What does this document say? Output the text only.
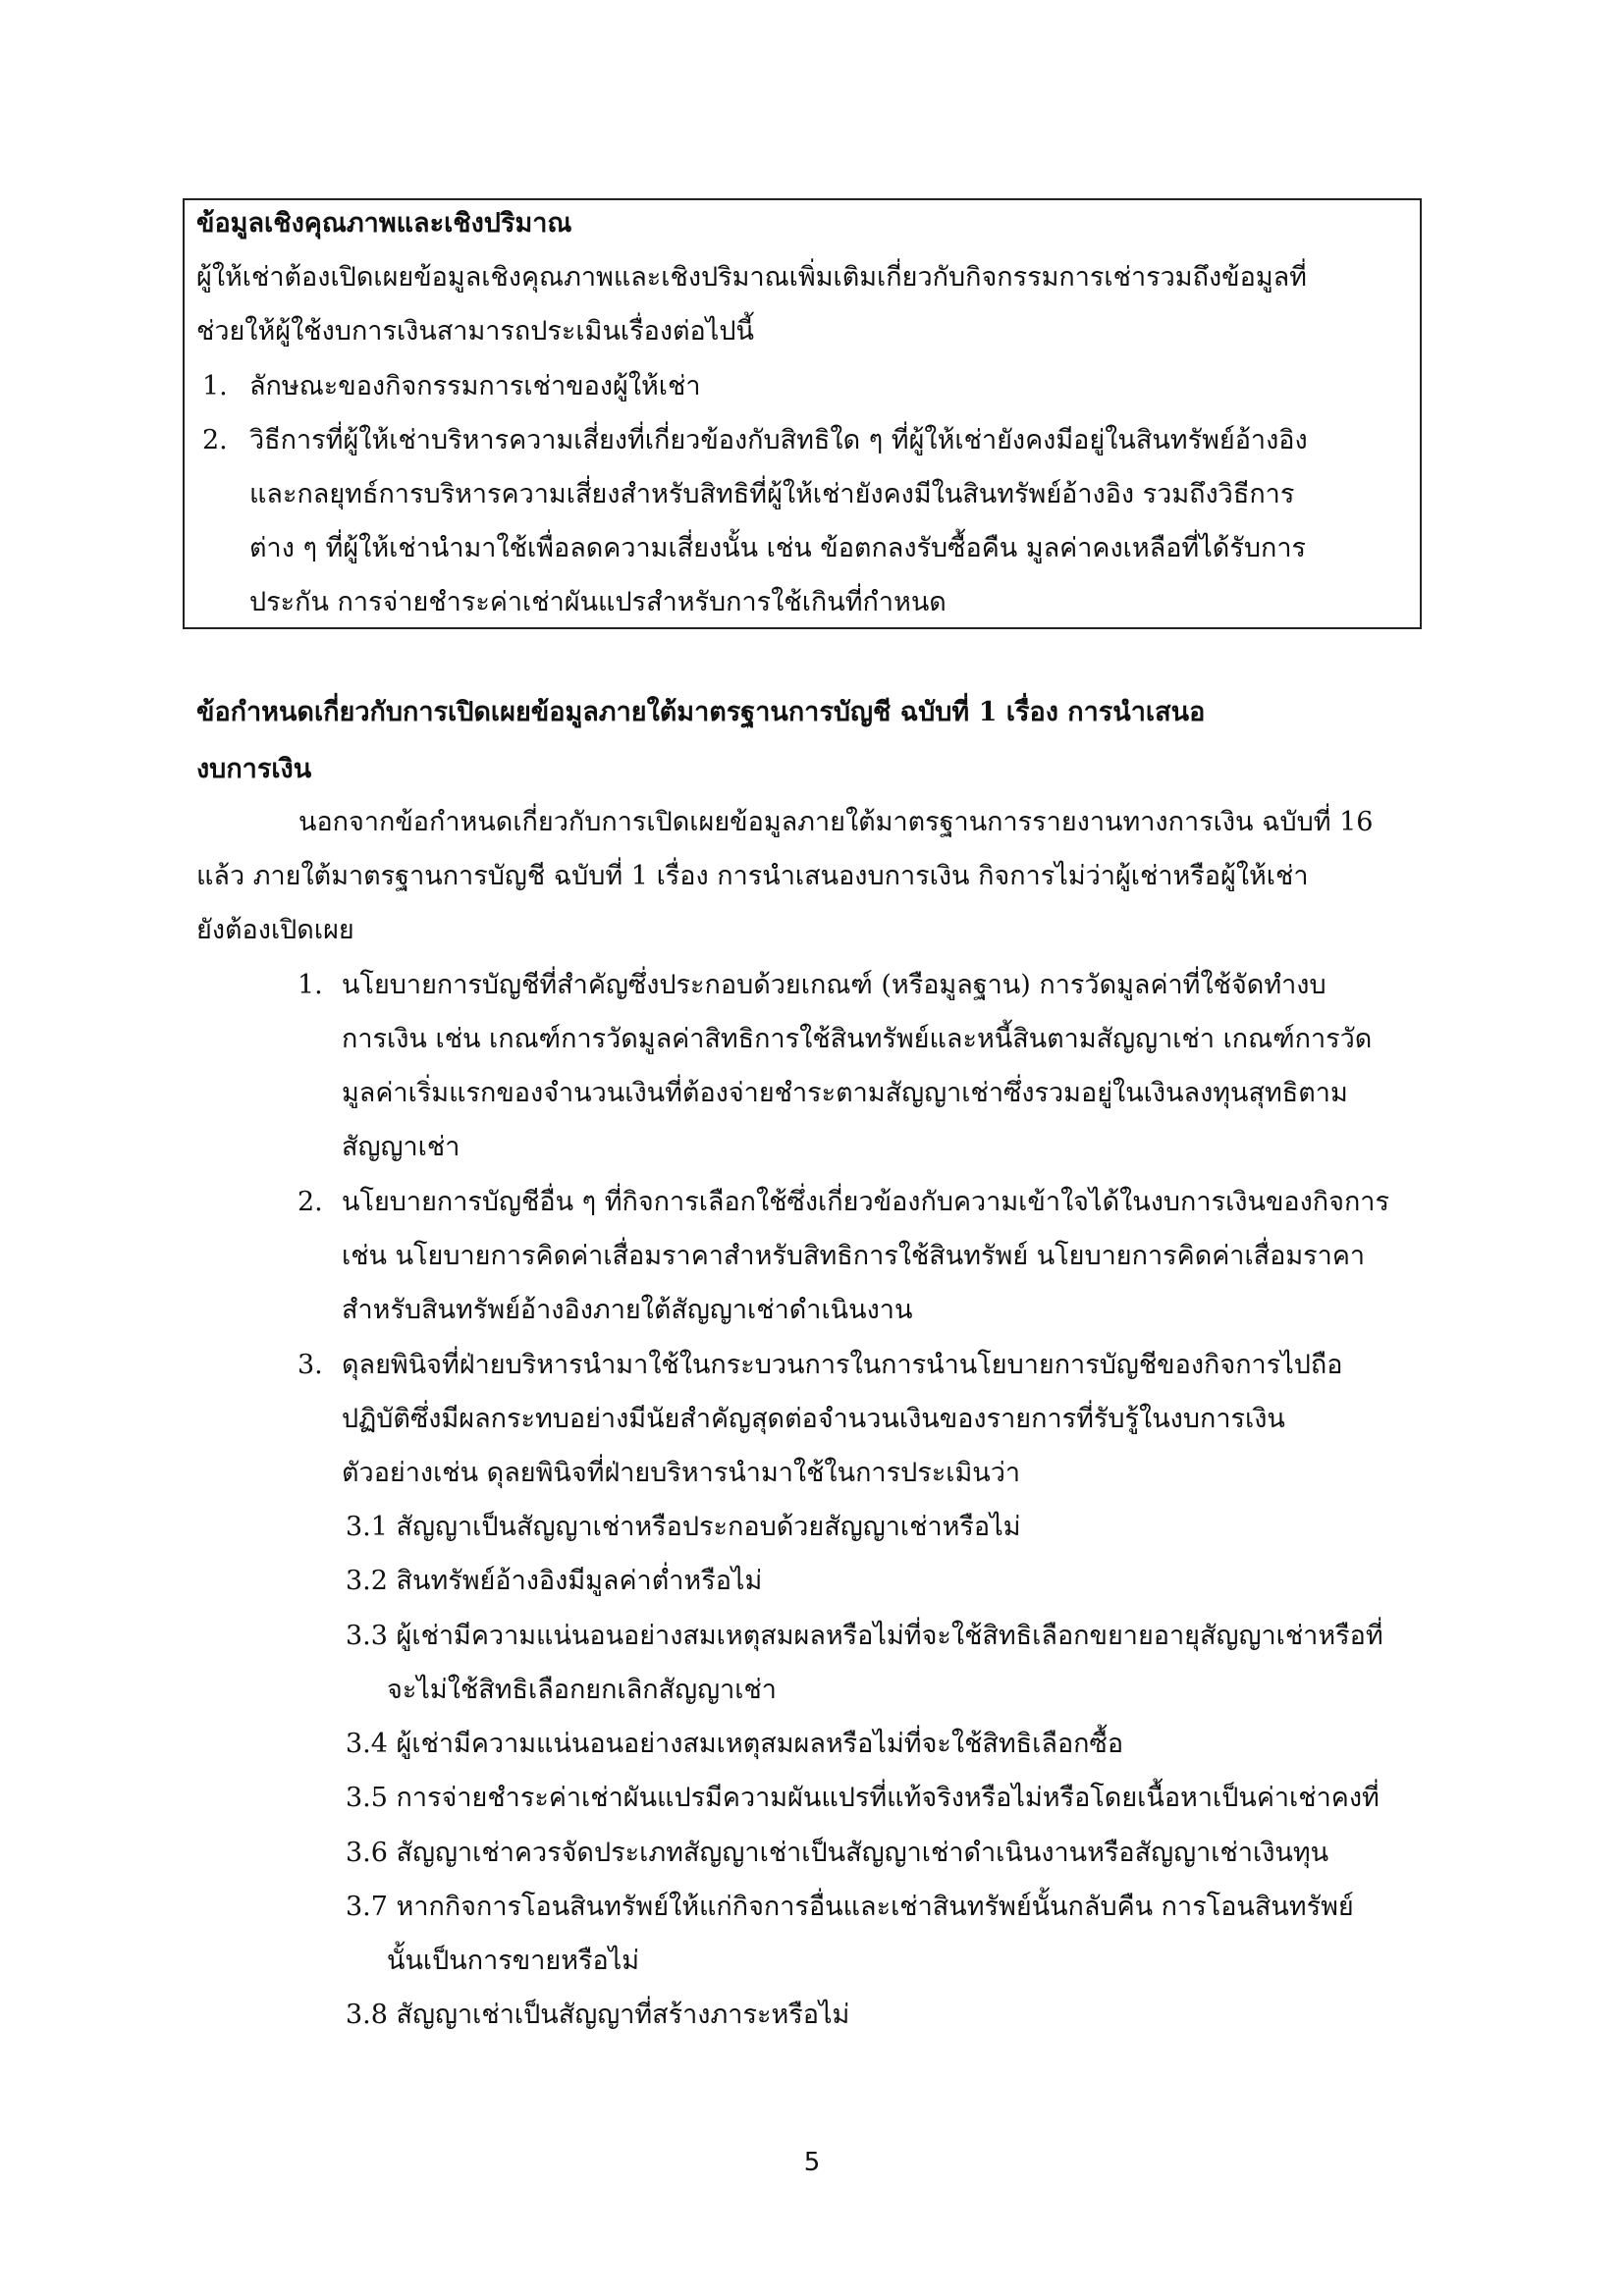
ข้อมูลเชิงคุณภาพและเชิงปริมาณ
ผู้ให้เช่าต้องเปิดเผยข้อมูลเชิงคุณภาพและเชิงปริมาณเพิ่มเติมเกี่ยวกับกิจกรรมการเช่ารวมถึงข้อมูลที่
ช่วยให้ผู้ใช้งบการเงินสามารถประเมินเรื่องต่อไปนี้
1. ลักษณะของกิจกรรมการเช่าของผู้ให้เช่า
2. วิธีการที่ผู้ให้เช่าบริหารความเสี่ยงที่เกี่ยวข้องกับสิทธิใด ๆ ที่ผู้ให้เช่ายังคงมีอยู่ในสินทรัพย์อ้างอิง
และกลยุทธ์การบริหารความเสี่ยงสำหรับสิทธิที่ผู้ให้เช่ายังคงมีในสินทรัพย์อ้างอิง รวมถึงวิธีการ
ต่าง ๆ ที่ผู้ให้เช่านำมาใช้เพื่อลดความเสี่ยงนั้น เช่น ข้อตกลงรับซื้อคืน มูลค่าคงเหลือที่ได้รับการ
ประกัน การจ่ายชำระค่าเช่าผันแปรสำหรับการใช้เกินที่กำหนด
ข้อกำหนดเกี่ยวกับการเปิดเผยข้อมูลภายใต้มาตรฐานการบัญชี ฉบับที่ 1 เรื่อง การนำเสนอ
งบการเงิน
นอกจากข้อกำหนดเกี่ยวกับการเปิดเผยข้อมูลภายใต้มาตรฐานการรายงานทางการเงิน ฉบับที่ 16
แล้ว ภายใต้มาตรฐานการบัญชี ฉบับที่ 1 เรื่อง การนำเสนองบการเงิน กิจการไม่ว่าผู้เช่าหรือผู้ให้เช่า
ยังต้องเปิดเผย
1. นโยบายการบัญชีที่สำคัญซึ่งประกอบด้วยเกณฑ์ (หรือมูลฐาน) การวัดมูลค่าที่ใช้จัดทำงบ
การเงิน เช่น เกณฑ์การวัดมูลค่าสิทธิการใช้สินทรัพย์และหนี้สินตามสัญญาเช่า เกณฑ์การวัด
มูลค่าเริ่มแรกของจำนวนเงินที่ต้องจ่ายชำระตามสัญญาเช่าซึ่งรวมอยู่ในเงินลงทุนสุทธิตาม
สัญญาเช่า
2. นโยบายการบัญชีอื่น ๆ ที่กิจการเลือกใช้ซึ่งเกี่ยวข้องกับความเข้าใจได้ในงบการเงินของกิจการ
เช่น นโยบายการคิดค่าเสื่อมราคาสำหรับสิทธิการใช้สินทรัพย์ นโยบายการคิดค่าเสื่อมราคา
สำหรับสินทรัพย์อ้างอิงภายใต้สัญญาเช่าดำเนินงาน
3. ดุลยพินิจที่ฝ่ายบริหารนำมาใช้ในกระบวนการในการนำนโยบายการบัญชีของกิจการไปถือ
ปฏิบัติซึ่งมีผลกระทบอย่างมีนัยสำคัญสุดต่อจำนวนเงินของรายการที่รับรู้ในงบการเงิน
ตัวอย่างเช่น ดุลยพินิจที่ฝ่ายบริหารนำมาใช้ในการประเมินว่า
3.1 สัญญาเป็นสัญญาเช่าหรือประกอบด้วยสัญญาเช่าหรือไม่
3.2 สินทรัพย์อ้างอิงมีมูลค่าต่ำหรือไม่
3.3 ผู้เช่ามีความแน่นอนอย่างสมเหตุสมผลหรือไม่ที่จะใช้สิทธิเลือกขยายอายุสัญญาเช่าหรือที่
จะไม่ใช้สิทธิเลือกยกเลิกสัญญาเช่า
3.4 ผู้เช่ามีความแน่นอนอย่างสมเหตุสมผลหรือไม่ที่จะใช้สิทธิเลือกซื้อ
3.5 การจ่ายชำระค่าเช่าผันแปรมีความผันแปรที่แท้จริงหรือไม่หรือโดยเนื้อหาเป็นค่าเช่าคงที่
3.6 สัญญาเช่าควรจัดประเภทสัญญาเช่าเป็นสัญญาเช่าดำเนินงานหรือสัญญาเช่าเงินทุน
3.7 หากกิจการโอนสินทรัพย์ให้แก่กิจการอื่นและเช่าสินทรัพย์นั้นกลับคืน การโอนสินทรัพย์
นั้นเป็นการขายหรือไม่
3.8 สัญญาเช่าเป็นสัญญาที่สร้างภาระหรือไม่
5
